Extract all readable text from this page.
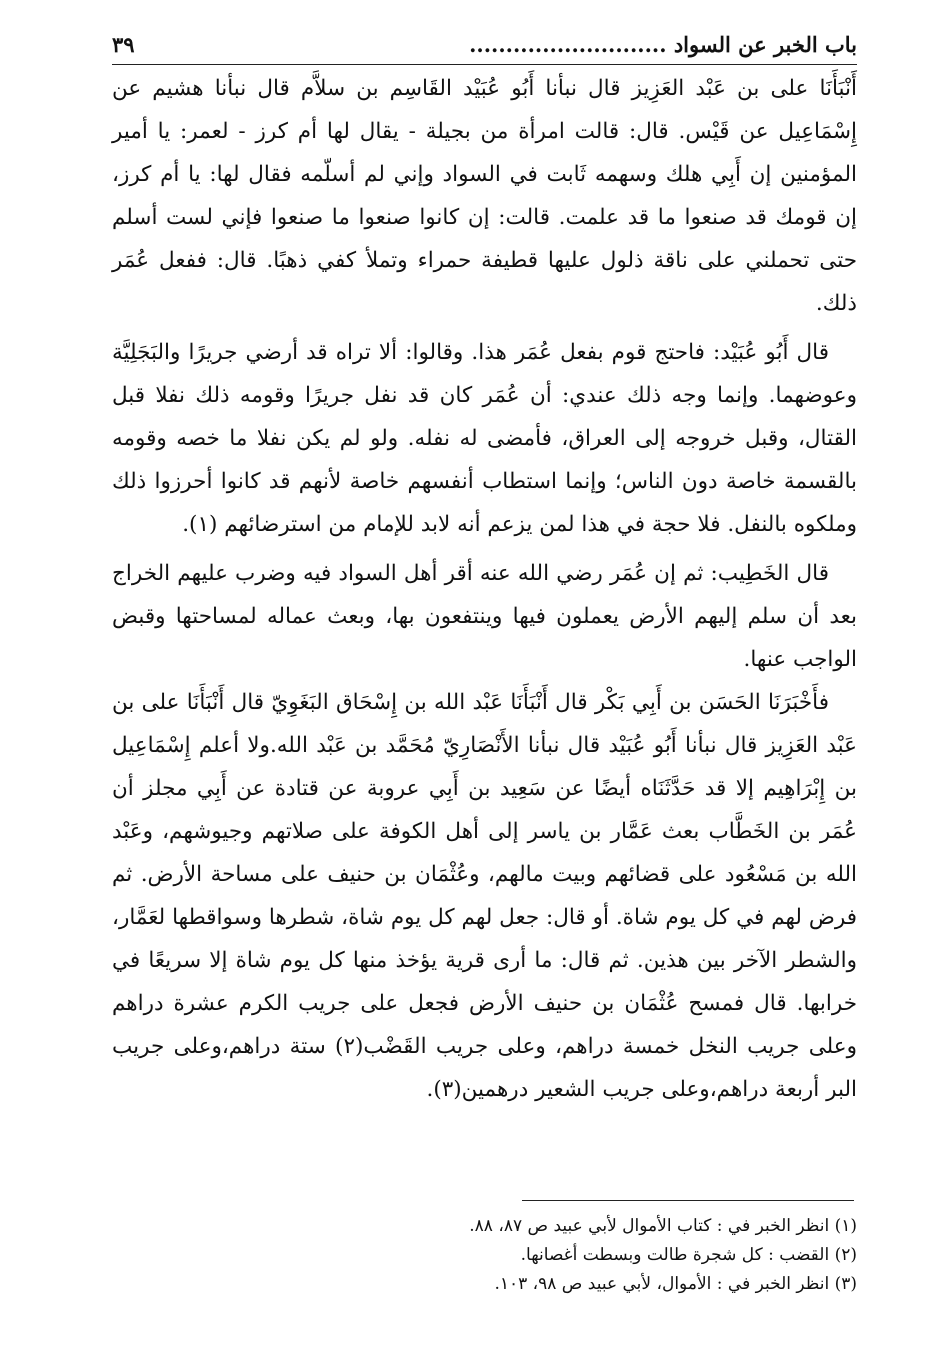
٣٩	باب الخبر عن السواد ...........................

أَنْبَأَنَا على بن عَبْد العَزِيز قال نبأنا أَبُو عُبَيْد القَاسِم بن سلاَّم قال نبأنا هشيم عن إِسْمَاعِيل عن قَيْس. قال: قالت امرأة من بجيلة - يقال لها أم كرز - لعمر: يا أمير المؤمنين إن أَبِي هلك وسهمه ثَابت في السواد وإني لم أسلّمه فقال لها: يا أم كرز، إن قومك قد صنعوا ما قد علمت. قالت: إن كانوا صنعوا ما صنعوا فإني لست أسلم حتى تحملني على ناقة ذلول عليها قطيفة حمراء وتملأ كفي ذهبًا. قال: ففعل عُمَر ذلك.

قال أَبُو عُبَيْد: فاحتج قوم بفعل عُمَر هذا. وقالوا: ألا تراه قد أرضي جريرًا والبَجَلِيَّة وعوضهما. وإنما وجه ذلك عندي: أن عُمَر كان قد نفل جريرًا وقومه ذلك نفلا قبل القتال، وقبل خروجه إلى العراق، فأمضى له نفله. ولو لم يكن نفلا ما خصه وقومه بالقسمة خاصة دون الناس؛ وإنما استطاب أنفسهم خاصة لأنهم قد كانوا أحرزوا ذلك وملكوه بالنفل. فلا حجة في هذا لمن يزعم أنه لابد للإمام من استرضائهم (١).

قال الخَطِيب: ثم إن عُمَر رضي الله عنه أقر أهل السواد فيه وضرب عليهم الخراج بعد أن سلم إليهم الأرض يعملون فيها وينتفعون بها، وبعث عماله لمساحتها وقبض الواجب عنها.

فأَخْبَرَنَا الحَسَن بن أَبِي بَكْر قال أَنْبَأَنَا عَبْد الله بن إِسْحَاق البَغَوِيّ قال أَنْبَأَنَا على بن عَبْد العَزِيز قال نبأنا أَبُو عُبَيْد قال نبأنا الأَنْصَارِيّ مُحَمَّد بن عَبْد الله.ولا أعلم إِسْمَاعِيل بن إِبْرَاهِيم إلا قد حَدَّثَنَاه أيضًا عن سَعِيد بن أَبِي عروبة عن قتادة عن أَبِي مجلز أن عُمَر بن الخَطَّاب بعث عَمَّار بن ياسر إلى أهل الكوفة على صلاتهم وجيوشهم، وعَبْد الله بن مَسْعُود على قضائهم وبيت مالهم، وعُثْمَان بن حنيف على مساحة الأرض. ثم فرض لهم في كل يوم شاة. أو قال: جعل لهم كل يوم شاة، شطرها وسواقطها لعَمَّار، والشطر الآخر بين هذين. ثم قال: ما أرى قرية يؤخذ منها كل يوم شاة إلا سريعًا في خرابها. قال فمسح عُثْمَان بن حنيف الأرض فجعل على جريب الكرم عشرة دراهم وعلى جريب النخل خمسة دراهم، وعلى جريب القَضْب(٢) ستة دراهم،وعلى جريب البر أربعة دراهم،وعلى جريب الشعير درهمين(٣).

(١) انظر الخبر في : كتاب الأموال لأبي عبيد ص ٨٧، ٨٨.
(٢) القضب : كل شجرة طالت وبسطت أغصانها.
(٣) انظر الخبر في : الأموال، لأبي عبيد ص ٩٨، ١٠٣.
